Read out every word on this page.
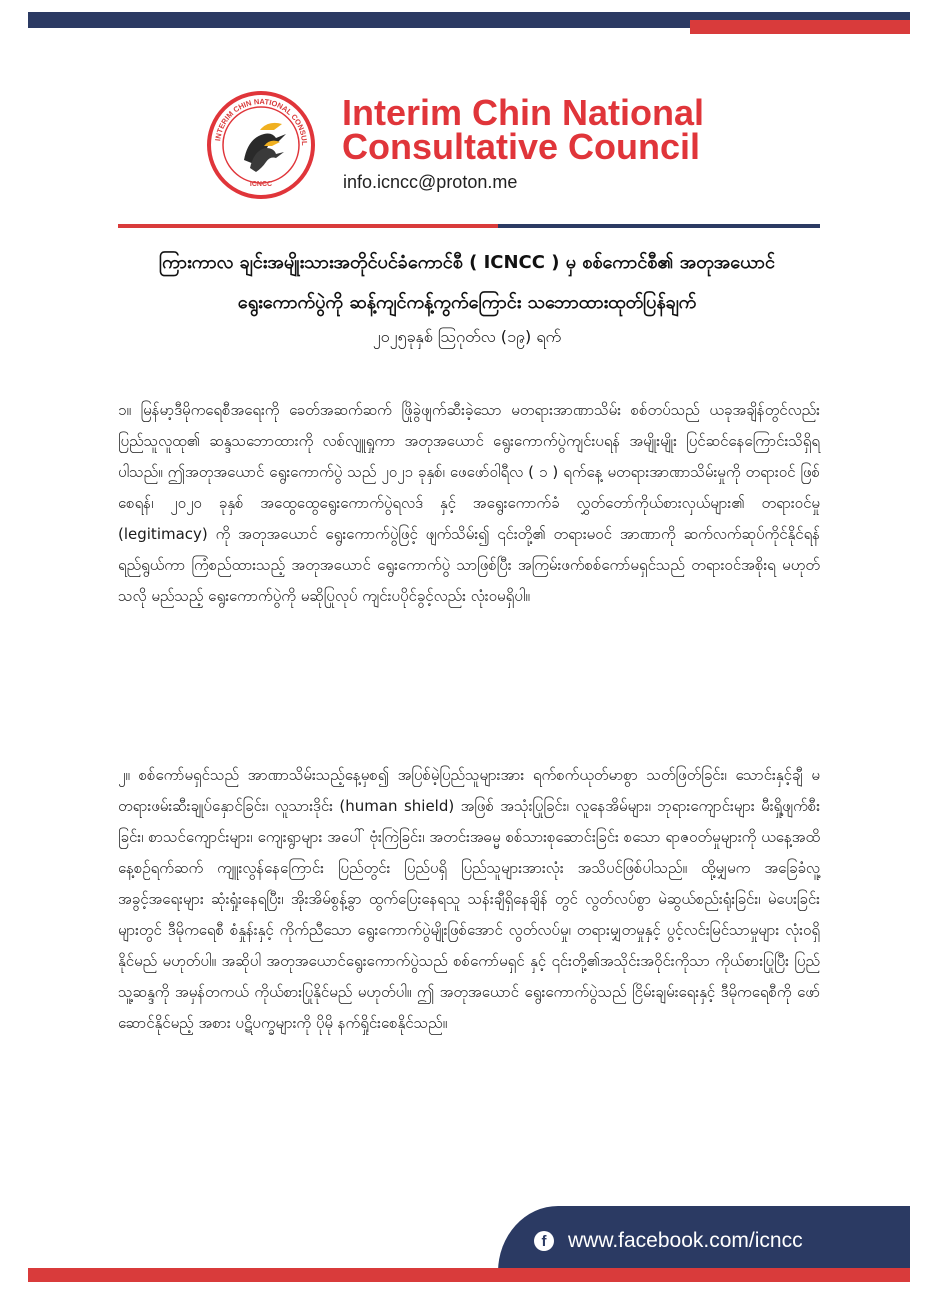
INTERIM CHIN NATIONAL CONSUL
ICNCC
Interim Chin National
Consultative Council
info.icncc@proton.me
ကြားကာလ ချင်းအမျိုးသားအတိုင်ပင်ခံကောင်စီ ( ICNCC ) မှ စစ်ကောင်စီ၏ အတုအယောင်
ရွေးကောက်ပွဲကို ဆန့်ကျင်ကန့်ကွက်ကြောင်း သဘောထားထုတ်ပြန်ချက်
၂၀၂၅ခုနှစ် ဩဂုတ်လ (၁၉) ရက်
၁။ မြန်မာ့ဒီမိုကရေစီအရေးကို ခေတ်အဆက်ဆက် ဖြိုခွဲဖျက်ဆီးခဲ့သော မတရားအာဏာသိမ်း စစ်တပ်သည် ယခုအချိန်တွင်လည်း ပြည်သူလူထု၏ ဆန္ဒသဘောထားကို လစ်လျူရှုကာ အတုအယောင် ရွေးကောက်ပွဲကျင်းပရန် အမျိုးမျိုး ပြင်ဆင်နေကြောင်းသိရှိရပါသည်။ ဤအတုအယောင် ရွေးကောက်ပွဲ သည် ၂၀၂၁ ခုနှစ်၊ ဖေဖော်ဝါရီလ ( ၁ ) ရက်နေ့ မတရားအာဏာသိမ်းမှုကို တရားဝင် ဖြစ်စေရန်၊ ၂၀၂၀ ခုနှစ် အထွေထွေရွေးကောက်ပွဲရလဒ် နှင့် အရွေးကောက်ခံ လွှတ်တော်ကိုယ်စားလှယ်များ၏ တရားဝင်မှု (legitimacy) ကို အတုအယောင် ရွေးကောက်ပွဲဖြင့် ဖျက်သိမ်း၍ ၎င်းတို့၏ တရားမဝင် အာဏာကို ဆက်လက်ဆုပ်ကိုင်နိုင်ရန် ရည်ရွယ်ကာ ကြံစည်ထားသည့် အတုအယောင် ရွေးကောက်ပွဲ သာဖြစ်ပြီး အကြမ်းဖက်စစ်ကော်မရှင်သည် တရားဝင်အစိုးရ မဟုတ်သလို မည်သည့် ရွေးကောက်ပွဲကို မဆိုပြုလုပ် ကျင်းပပိုင်ခွင့်လည်း လုံးဝမရှိပါ။
၂။ စစ်ကော်မရှင်သည် အာဏာသိမ်းသည့်နေ့မှစ၍ အပြစ်မဲ့ပြည်သူများအား ရက်စက်ယုတ်မာစွာ သတ်ဖြတ်ခြင်း၊ သောင်းနှင့်ချီ မတရားဖမ်းဆီးချုပ်နှောင်ခြင်း၊ လူသားဒိုင်း (human shield) အဖြစ် အသုံးပြုခြင်း၊ လူနေအိမ်များ၊ ဘုရားကျောင်းများ မီးရှို့ဖျက်စီးခြင်း၊ စာသင်ကျောင်းများ၊ ကျေးရွာများ အပေါ် ဗုံးကြဲခြင်း၊ အတင်းအဓမ္မ စစ်သားစုဆောင်းခြင်း စသော ရာဇဝတ်မှုများကို ယနေ့အထိ နေ့စဉ်ရက်ဆက် ကျူးလွန်နေကြောင်း ပြည်တွင်း ပြည်ပရှိ ပြည်သူများအားလုံး အသိပင်ဖြစ်ပါသည်။ ထို့မျှမက အခြေခံလူ့အခွင့်အရေးများ ဆုံးရှုံးနေရပြီး၊ အိုးအိမ်စွန့်ခွာ ထွက်ပြေးနေရသူ သန်းချီရှိနေချိန် တွင် လွတ်လပ်စွာ မဲဆွယ်စည်းရုံးခြင်း၊ မဲပေးခြင်းများတွင် ဒီမိုကရေစီ စံနှုန်းနှင့် ကိုက်ညီသော ရွေးကောက်ပွဲမျိုးဖြစ်အောင် လွတ်လပ်မှု၊ တရားမျှတမှုနှင့် ပွင့်လင်းမြင်သာမှုများ လုံးဝရှိနိုင်မည် မဟုတ်ပါ။ အဆိုပါ အတုအယောင်ရွေးကောက်ပွဲသည် စစ်ကော်မရှင် နှင့် ၎င်းတို့၏အသိုင်းအဝိုင်းကိုသာ ကိုယ်စားပြုပြီး ပြည်သူ့ဆန္ဒကို အမှန်တကယ် ကိုယ်စားပြုနိုင်မည် မဟုတ်ပါ။ ဤ အတုအယောင် ရွေးကောက်ပွဲသည် ငြိမ်းချမ်းရေးနှင့် ဒီမိုကရေစီကို ဖော်ဆောင်နိုင်မည့် အစား ပဋိပက္ခများကို ပိုမို နက်ရှိုင်းစေနိုင်သည်။
f	www.facebook.com/icncc
